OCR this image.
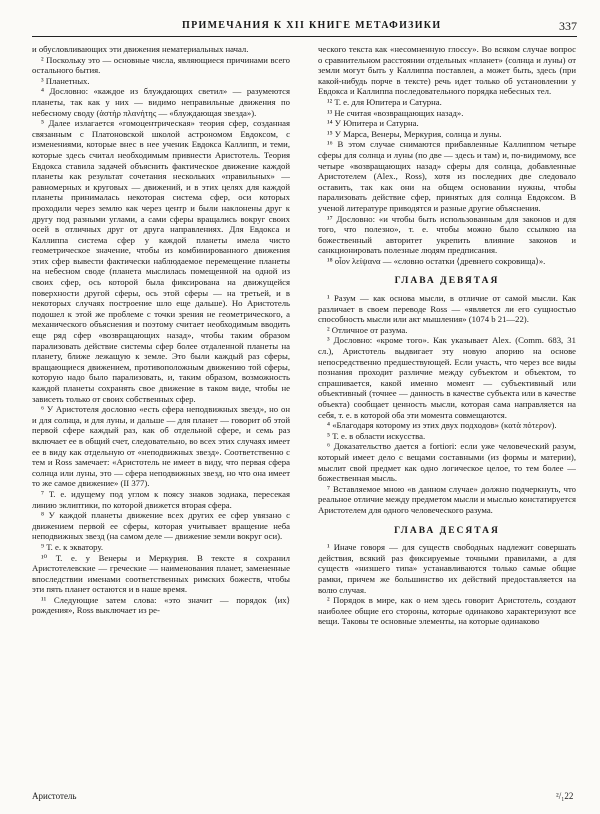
ПРИМЕЧАНИЯ К XII КНИГЕ МЕТАФИЗИКИ	337

и обусловливающих эти движения нематериальных начал.

² Поскольку это — основные числа, являющиеся причинами всего остального бытия.

³ Планетных.

⁴ Дословно: «каждое из блуждающих светил» — разумеются планеты, так как у них — видимо неправильные движения по небесному своду (ἀστὴρ πλανήτης — «блуждающая звезда»).

⁵ Далее излагается «гомоцентрическая» теория сфер, созданная связанным с Платоновской школой астрономом Евдоксом, с изменениями, которые внес в нее ученик Евдокса Каллипп, и теми, которые здесь считал необходимым привнести Аристотель. Теория Евдокса ставила задачей объяснить фактическое движение каждой планеты как результат сочетания нескольких «правильных» — равномерных и круговых — движений, и в этих целях для каждой планеты принималась некоторая система сфер, оси которых проходили через землю как через центр и были наклонены друг к другу под разными углами, а сами сферы вращались вокруг своих осей в отличных друг от друга направлениях. Для Евдокса и Каллиппа система сфер у каждой планеты имела чисто геометрическое значение, чтобы из комбинированного движения этих сфер вывести фактически наблюдаемое перемещение планеты на небесном своде (планета мыслилась помещенной на одной из своих сфер, ось которой была фиксирована на движущейся поверхности другой сферы, ось этой сферы — на третьей, и в некоторых случаях построение шло еще дальше). Но Аристотель подошел к этой же проблеме с точки зрения не геометрического, а механического объяснения и поэтому считает необходимым вводить еще ряд сфер «возвращающих назад», чтобы таким образом парализовать действие системы сфер более отдаленной планеты на планету, ближе лежащую к земле. Это были каждый раз сферы, вращающиеся движением, противоположным движению той сферы, которую надо было парализовать, и, таким образом, возможность каждой планеты сохранять свое движение в таком виде, чтобы не зависеть только от своих собственных сфер.

⁶ У Аристотеля дословно «есть сфера неподвижных звезд», но он и для солнца, и для луны, и дальше — для планет — говорит об этой первой сфере каждый раз, как об отдельной сфере, и семь раз включает ее в общий счет, следовательно, во всех этих случаях имеет ее в виду как отдельную от «неподвижных звезд». Соответственно с тем и Ross замечает: «Аристотель не имеет в виду, что первая сфера солнца или луны, это — сфера неподвижных звезд, но что она имеет то же самое движение» (II 377).

⁷ Т. е. идущему под углом к поясу знаков зодиака, пересекая линию эклиптики, по которой движется вторая сфера.

⁸ У каждой планеты движение всех других ее сфер увязано с движением первой ее сферы, которая учитывает вращение неба неподвижных звезд (на самом деле — движение земли вокруг оси).

⁹ Т. е. к экватору.

¹⁰ Т. е. у Венеры и Меркурия. В тексте я сохранил Аристотелевские — греческие — наименования планет, замененные впоследствии именами соответственных римских божеств, чтобы эти пять планет остаются и в наше время.

¹¹ Следующие затем слова: «это значит — порядок ⟨их⟩ рождения», Ross выключает из ре-

ческого текста как «несомненную глоссу». Во всяком случае вопрос о сравнительном расстоянии отдельных «планет» (солнца и луны) от земли могут быть у Каллиппа поставлен, а может быть, здесь (при какой-нибудь порче в тексте) речь идет только об установлении у Евдокса и Каллиппа последовательного порядка небесных тел.

¹² Т. е. для Юпитера и Сатурна.

¹³ Не считая «возвращающих назад».

¹⁴ У Юпитера и Сатурна.

¹⁵ У Марса, Венеры, Меркурия, солнца и луны.

¹⁶ В этом случае снимаются прибавленные Каллиппом четыре сферы для солнца и луны (по две — здесь и там) и, по-видимому, все четыре «возвращающих назад» сферы для солнца, добавленные Аристотелем (Alex., Ross), хотя из последних две следовало оставить, так как они на общем основании нужны, чтобы парализовать действие сфер, принятых для солнца Евдоксом. В ученой литературе приводятся и разные другие объяснения.

¹⁷ Дословно: «и чтобы быть использованным для законов и для того, что полезно», т. е. чтобы можно было ссылкою на божественный авторитет укрепить влияние законов и санкционировать полезные людям предписания.

¹⁸ οἷον λείψανα — «словно остатки ⟨древнего сокровища⟩».

ГЛАВА ДЕВЯТАЯ

¹ Разум — как основа мысли, в отличие от самой мысли. Как различает в своем переводе Ross — «является ли его сущностью способность мысли или акт мышления» (1074 b 21—22).

² Отличное от разума.

³ Дословно: «кроме того». Как указывает Alex. (Comm. 683, 31 сл.), Аристотель выдвигает эту новую апорию на основе непосредственно предшествующей. Если участь, что через все виды познания проходит различие между субъектом и объектом, то спрашивается, какой именно момент — субъективный или объективный (точнее — данность в качестве субъекта или в качестве объекта) сообщает ценность мысли, которая сама направляется на себя, т. е. в которой оба эти момента совмещаются.

⁴ «Благодаря которому из этих двух подходов» (κατὰ πότερον).

⁵ Т. е. в области искусства.

⁶ Доказательство дается a fortiori: если уже человеческий разум, который имеет дело с вещами составными (из формы и материи), мыслит свой предмет как одно логическое целое, то тем более — божественная мысль.

⁷ Вставляемое мною «в данном случае» должно подчеркнуть, что реальное отличие между предметом мысли и мыслью констатируется Аристотелем для одного человеческого разума.

ГЛАВА ДЕСЯТАЯ

¹ Иначе говоря — для существ свободных надлежит совершать действия, всякий раз фиксируемые точными правилами, а для существ «низшего типа» устанавливаются только самые общие рамки, причем же большинство их действий предоставляется на волю случая.

² Порядок в мире, как о нем здесь говорит Аристотель, создают наиболее общие его стороны, которые одинаково характеризуют все вещи. Таковы те основные элементы, на которые одинаково

Аристотель	²/₁22
